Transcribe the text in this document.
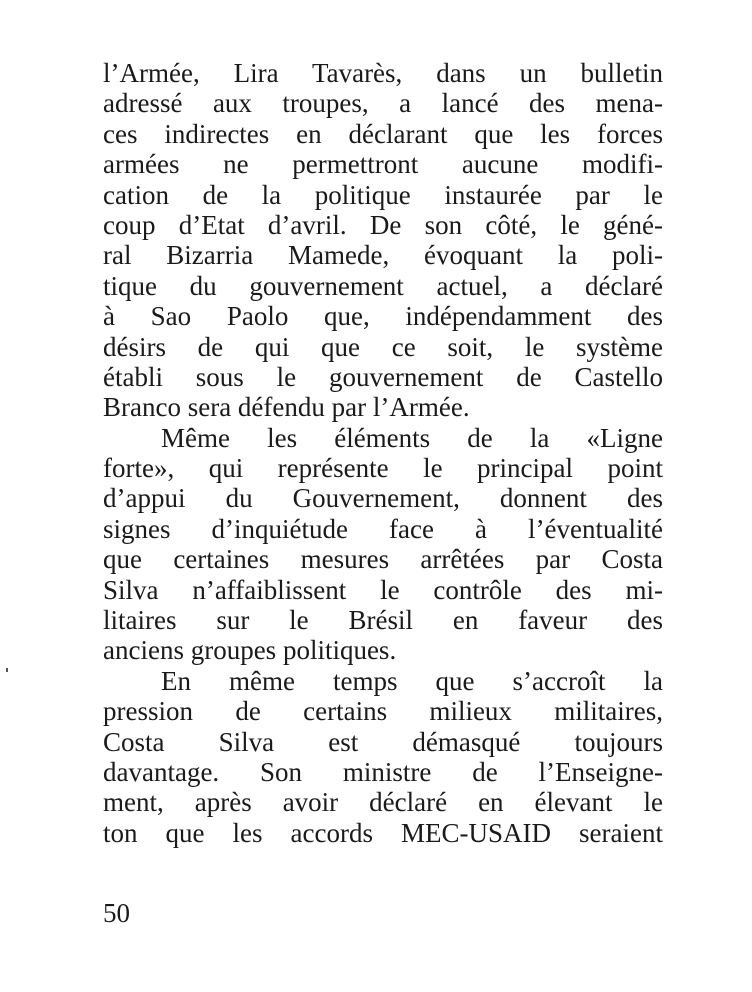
l’Armée, Lira Tavarès, dans un bulletin
adressé aux troupes, a lancé des mena-
ces indirectes en déclarant que les forces
armées ne permettront aucune modifi-
cation de la politique instaurée par le
coup d’Etat d’avril. De son côté, le géné-
ral Bizarria Mamede, évoquant la poli-
tique du gouvernement actuel, a déclaré
à Sao Paolo que, indépendamment des
désirs de qui que ce soit, le système
établi sous le gouvernement de Castello
Branco sera défendu par l’Armée.
Même les éléments de la «Ligne
forte», qui représente le principal point
d’appui du Gouvernement, donnent des
signes d’inquiétude face à l’éventualité
que certaines mesures arrêtées par Costa
Silva n’affaiblissent le contrôle des mi-
litaires sur le Brésil en faveur des
anciens groupes politiques.
En même temps que s’accroît la
pression de certains milieux militaires,
Costa Silva est démasqué toujours
davantage. Son ministre de l’Enseigne-
ment, après avoir déclaré en élevant le
ton que les accords MEC-USAID seraient
50
